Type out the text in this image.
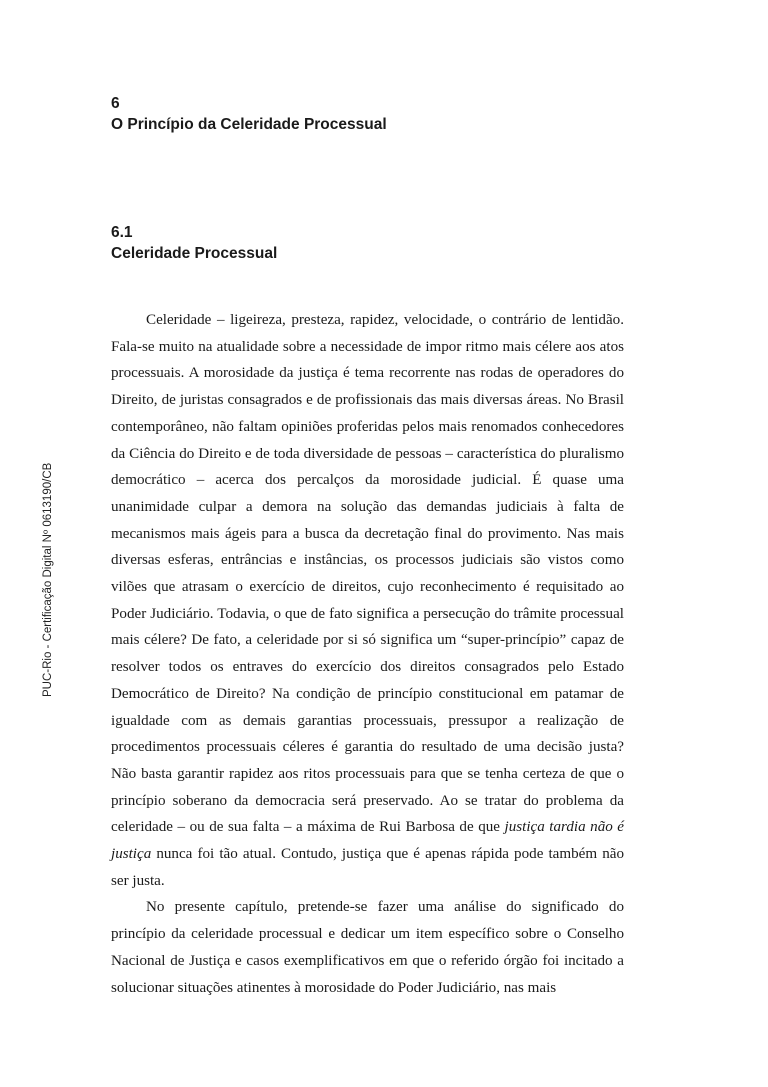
PUC-Rio - Certificação Digital Nº 0613190/CB
6
O Princípio da Celeridade Processual
6.1
Celeridade Processual

Celeridade – ligeireza, presteza, rapidez, velocidade, o contrário de lentidão. Fala-se muito na atualidade sobre a necessidade de impor ritmo mais célere aos atos processuais. A morosidade da justiça é tema recorrente nas rodas de operadores do Direito, de juristas consagrados e de profissionais das mais diversas áreas. No Brasil contemporâneo, não faltam opiniões proferidas pelos mais renomados conhecedores da Ciência do Direito e de toda diversidade de pessoas – característica do pluralismo democrático – acerca dos percalços da morosidade judicial. É quase uma unanimidade culpar a demora na solução das demandas judiciais à falta de mecanismos mais ágeis para a busca da decretação final do provimento. Nas mais diversas esferas, entrâncias e instâncias, os processos judiciais são vistos como vilões que atrasam o exercício de direitos, cujo reconhecimento é requisitado ao Poder Judiciário. Todavia, o que de fato significa a persecução do trâmite processual mais célere? De fato, a celeridade por si só significa um “super-princípio” capaz de resolver todos os entraves do exercício dos direitos consagrados pelo Estado Democrático de Direito? Na condição de princípio constitucional em patamar de igualdade com as demais garantias processuais, pressupor a realização de procedimentos processuais céleres é garantia do resultado de uma decisão justa? Não basta garantir rapidez aos ritos processuais para que se tenha certeza de que o princípio soberano da democracia será preservado. Ao se tratar do problema da celeridade – ou de sua falta – a máxima de Rui Barbosa de que justiça tardia não é justiça nunca foi tão atual. Contudo, justiça que é apenas rápida pode também não ser justa.

No presente capítulo, pretende-se fazer uma análise do significado do princípio da celeridade processual e dedicar um item específico sobre o Conselho Nacional de Justiça e casos exemplificativos em que o referido órgão foi incitado a solucionar situações atinentes à morosidade do Poder Judiciário, nas mais
